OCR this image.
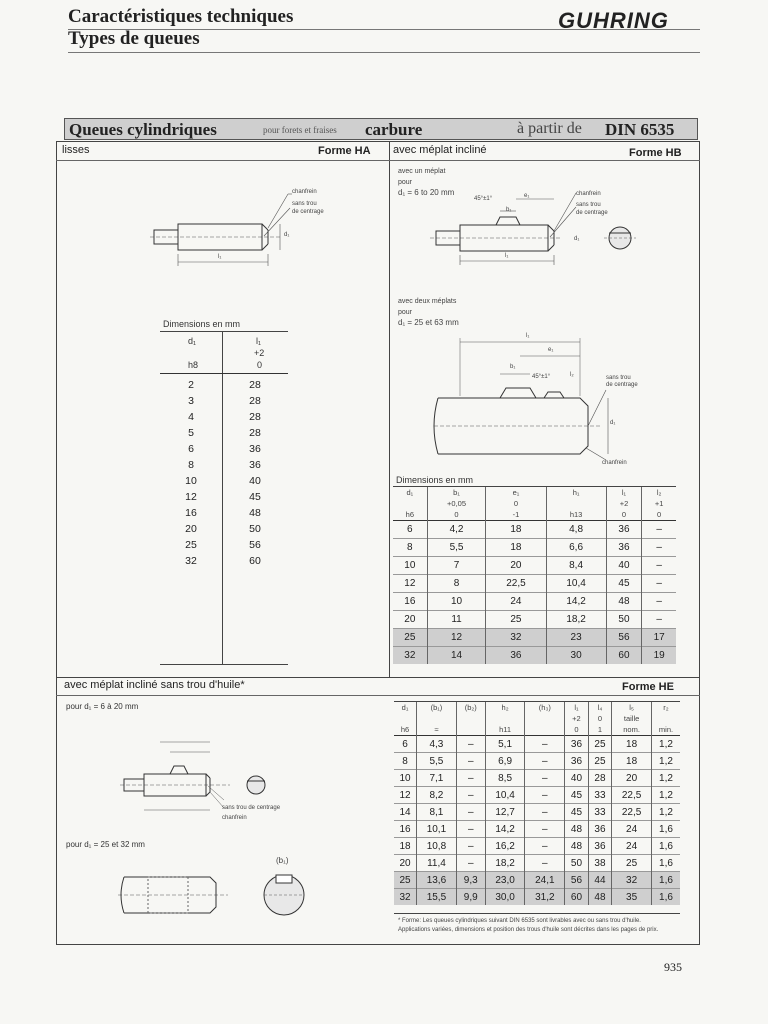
Caractéristiques techniques
Types de queues
GUHRING
Queues cylindriques	pour forets et fraises carbure	à partir de DIN 6535
lisses	Forme HA
chanfrein
sans trou
de centrage
d₁
l₁
Dimensions en mm
d₁
h8
l₁
+2
0
2	28
3	28
4	28
5	28
6	36
8	36
10	40
12	45
16	48
20	50
25	56
32	60
avec méplat incliné	Forme HB
avec un méplat
pour
d₁ = 6 to 20 mm
45°±1°	e₁
b₁
chanfrein
sans trou
de centrage
l₁
d₁
avec deux méplats
pour
d₁ = 25 et 63 mm
l₁
e₁
b₁
45°±1°	l₂	sans trou
de centrage
d₁
chanfrein
Dimensions en mm
d₁	b₁	e₁	h₁	l₁	l₂
	+0,05	0		+2	+1
h6	0	-1	h13	0	0
6	4,2	18	4,8	36	–
8	5,5	18	6,6	36	–
10	7	20	8,4	40	–
12	8	22,5	10,4	45	–
16	10	24	14,2	48	–
20	11	25	18,2	50	–
25	12	32	23	56	17
32	14	36	30	60	19
avec méplat incliné sans trou d'huile*	Forme HE
pour d₁ = 6 à 20 mm
pour d₁ = 25 et 32 mm
sans trou de centrage
chanfrein
(b₁)
d₁	(b₁)	(b₂)	h₂	(h₃)	l₁	l₄	l₅	r₂
					+2	0	taille	
h6	≈		h11		0	1	nom.	min.
6	4,3	–	5,1	–	36	25	18	1,2
8	5,5	–	6,9	–	36	25	18	1,2
10	7,1	–	8,5	–	40	28	20	1,2
12	8,2	–	10,4	–	45	33	22,5	1,2
14	8,1	–	12,7	–	45	33	22,5	1,2
16	10,1	–	14,2	–	48	36	24	1,6
18	10,8	–	16,2	–	48	36	24	1,6
20	11,4	–	18,2	–	50	38	25	1,6
25	13,6	9,3	23,0	24,1	56	44	32	1,6
32	15,5	9,9	30,0	31,2	60	48	35	1,6
* Forme: Les queues cylindriques suivant DIN 6535 sont livrables avec ou sans trou d'huile.
Applications variées, dimensions et position des trous d'huile sont décrites dans les pages de prix.
935
